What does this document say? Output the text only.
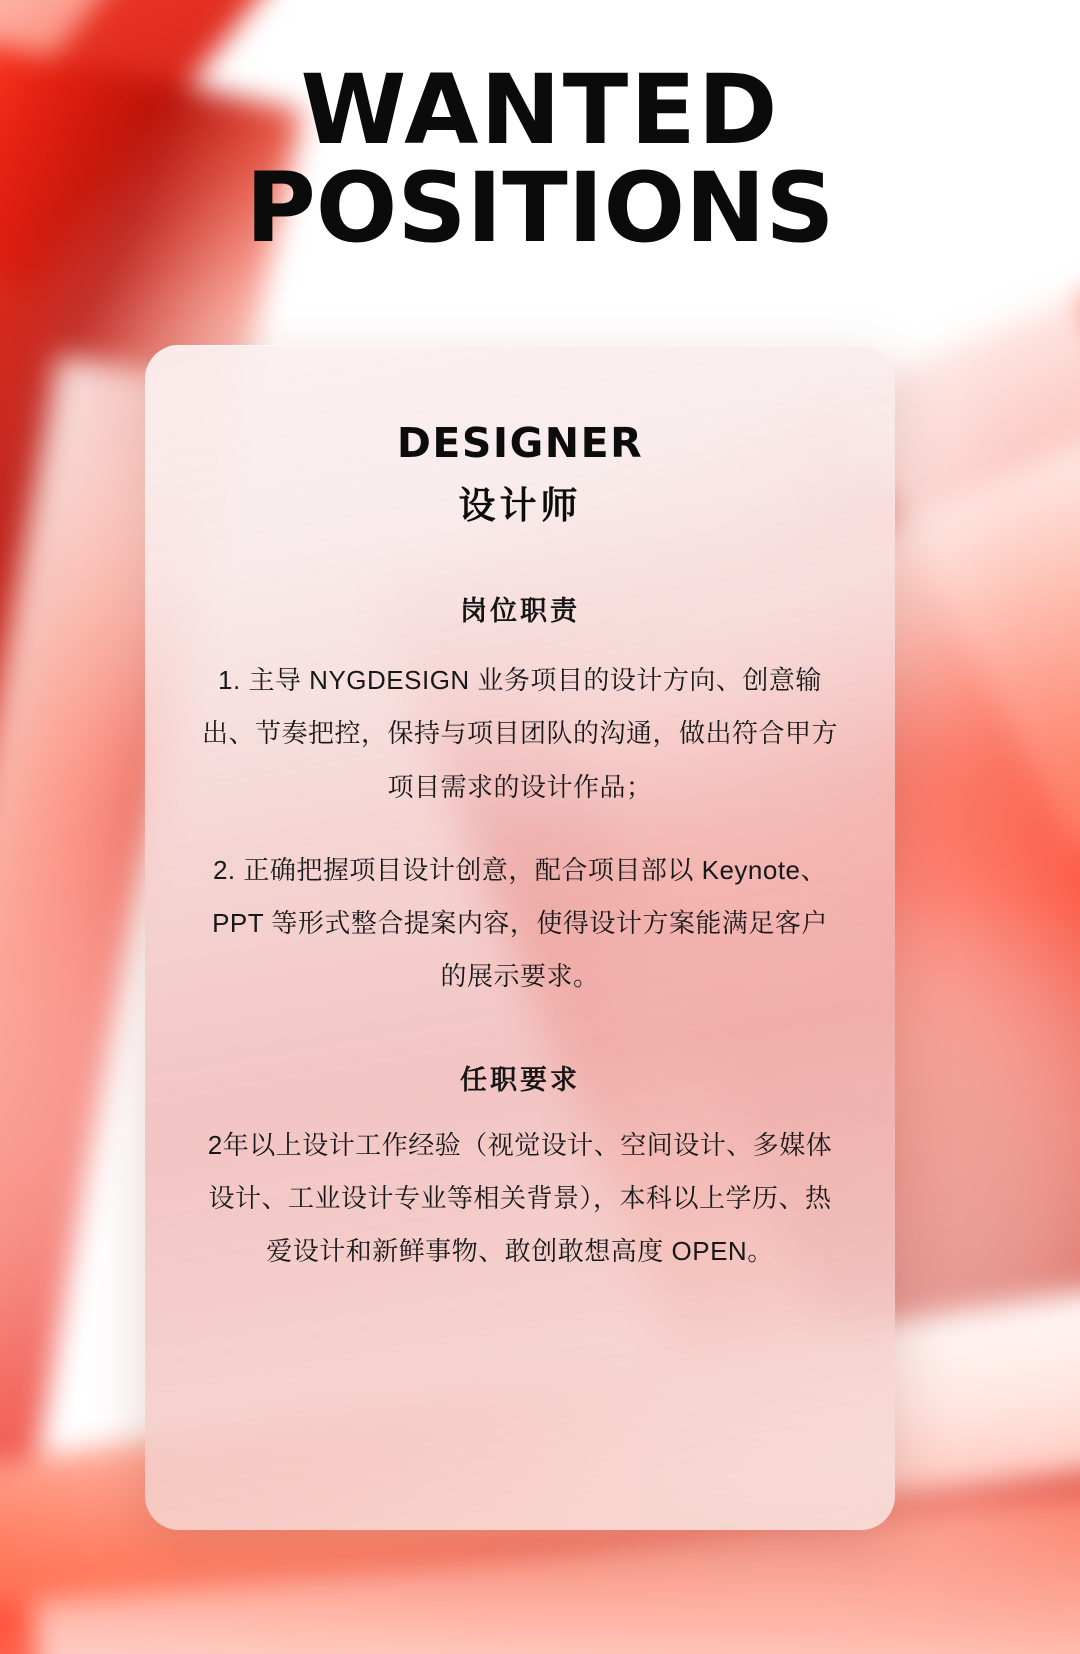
WANTED
POSITIONS
DESIGNER
设计师
岗位职责

1. 主导 NYGDESIGN 业务项目的设计方向、创意输出、节奏把控，保持与项目团队的沟通，做出符合甲方项目需求的设计作品；

2. 正确把握项目设计创意，配合项目部以 Keynote、PPT 等形式整合提案内容，使得设计方案能满足客户的展示要求。

任职要求

2年以上设计工作经验（视觉设计、空间设计、多媒体设计、工业设计专业等相关背景），本科以上学历、热爱设计和新鲜事物、敢创敢想高度 OPEN。
